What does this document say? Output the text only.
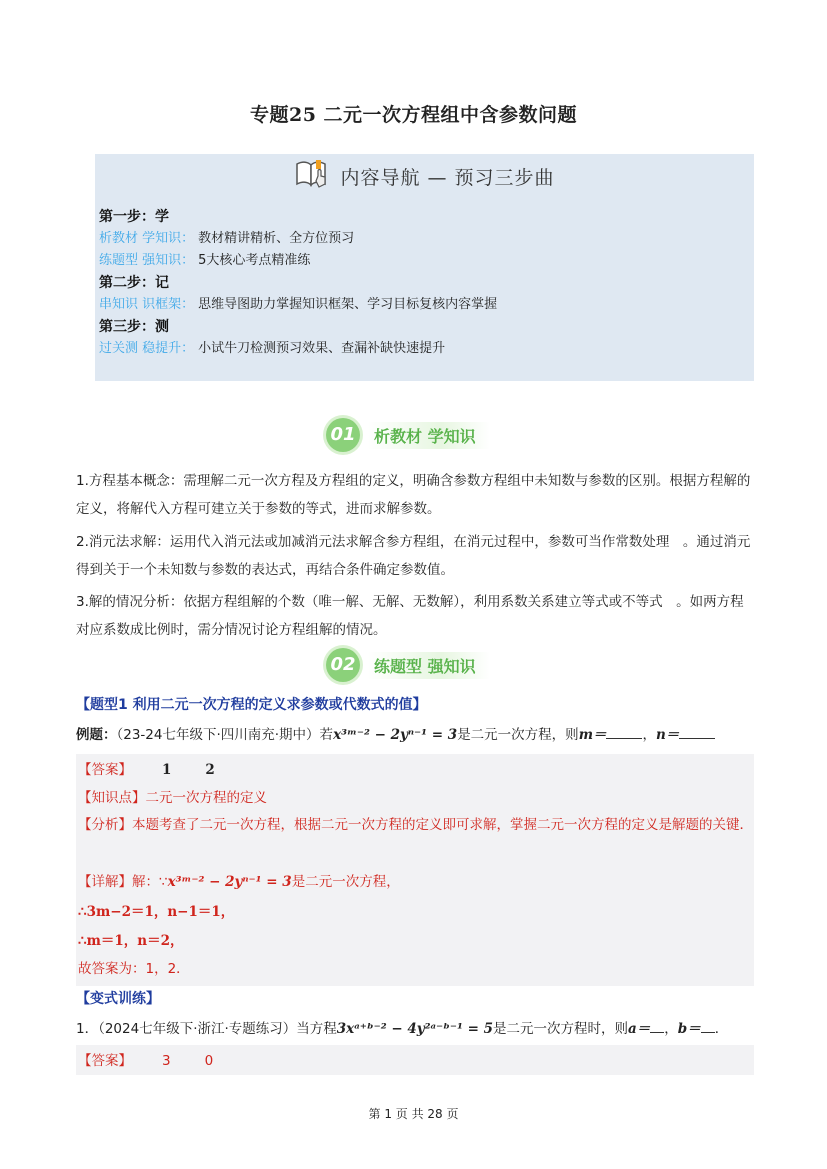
专题25 二元一次方程组中含参数问题
内容导航 — 预习三步曲
第一步：学
析教材 学知识： 教材精讲精析、全方位预习
练题型 强知识： 5大核心考点精准练
第二步：记
串知识 识框架： 思维导图助力掌握知识框架、学习目标复核内容掌握
第三步：测
过关测 稳提升： 小试牛刀检测预习效果、查漏补缺快速提升
01 析教材 学知识
1.方程基本概念：需理解二元一次方程及方程组的定义，明确含参数方程组中未知数与参数的区别。根据方程解的定义，将解代入方程可建立关于参数的等式，进而求解参数。
2.消元法求解：运用代入消元法或加减消元法求解含参方程组，在消元过程中，参数可当作常数处理　。通过消元得到关于一个未知数与参数的表达式，再结合条件确定参数值。
3.解的情况分析：依据方程组解的个数（唯一解、无解、无数解），利用系数关系建立等式或不等式　。如两方程对应系数成比例时，需分情况讨论方程组解的情况。
02 练题型 强知识
【题型1 利用二元一次方程的定义求参数或代数式的值】
例题：（23-24七年级下·四川南充·期中）若x³ᵐ⁻² − 2yⁿ⁻¹ = 3是二元一次方程，则m＝	，n＝
【答案】 1	2
【知识点】二元一次方程的定义
【分析】本题考查了二元一次方程，根据二元一次方程的定义即可求解，掌握二元一次方程的定义是解题的关键．
【详解】解：∵x³ᵐ⁻² − 2yⁿ⁻¹ = 3是二元一次方程，
∴3m−2＝1，n−1＝1，
∴m＝1，n＝2，
故答案为：1，2．
【变式训练】
1．（2024七年级下·浙江·专题练习）当方程3xᵃ⁺ᵇ⁻² − 4y²ᵃ⁻ᵇ⁻¹ = 5是二元一次方程时，则a＝ ，b＝ ．
【答案】 3	0
第 1 页 共 28 页
